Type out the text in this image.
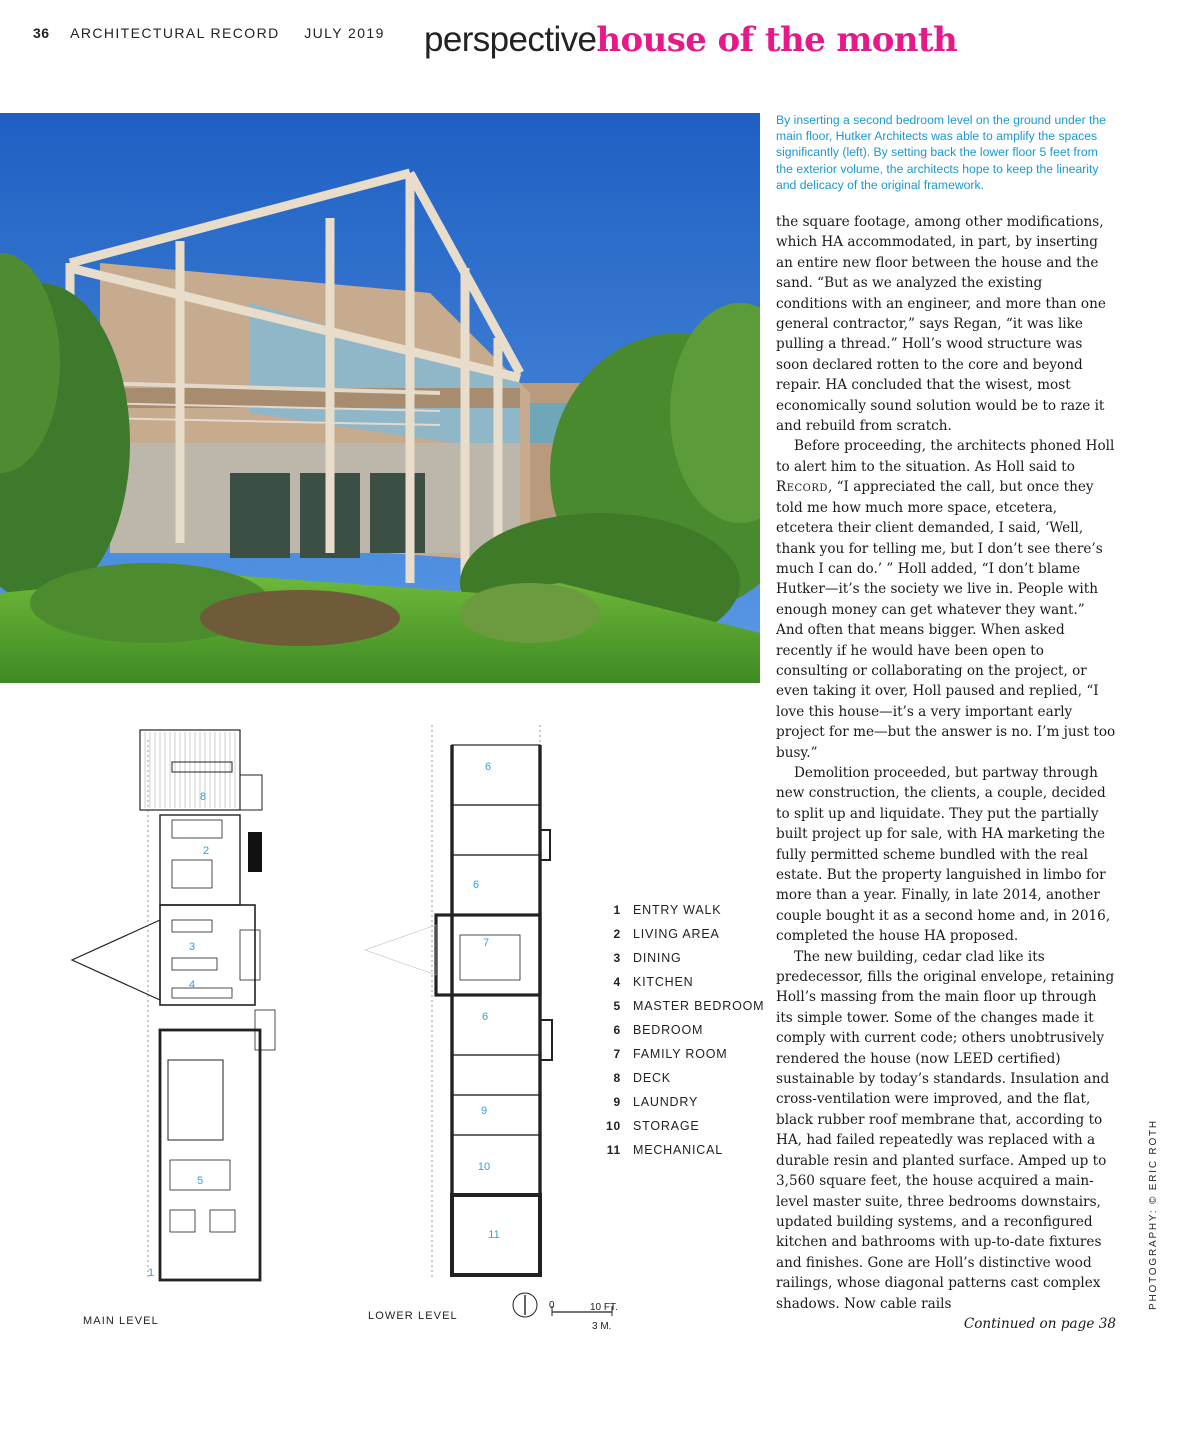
36 ARCHITECTURAL RECORD JULY 2019 perspectivehouse of the month
By inserting a second bedroom level on the ground under the main floor, Hutker Architects was able to amplify the spaces significantly (left). By setting back the lower floor 5 feet from the exterior volume, the architects hope to keep the linearity and delicacy of the original framework.

the square footage, among other modifications, which HA accommodated, in part, by inserting an entire new floor between the house and the sand. “But as we analyzed the existing conditions with an engineer, and more than one general contractor,” says Regan, “it was like pulling a thread.” Holl’s wood structure was soon declared rotten to the core and beyond repair. HA concluded that the wisest, most economically sound solution would be to raze it and rebuild from scratch.

Before proceeding, the architects phoned Holl to alert him to the situation. As Holl said to Record, “I appreciated the call, but once they told me how much more space, etcetera, etcetera their client demanded, I said, ‘Well, thank you for telling me, but I don’t see there’s much I can do.’ ” Holl added, “I don’t blame Hutker—it’s the society we live in. People with enough money can get whatever they want.” And often that means bigger. When asked recently if he would have been open to consulting or collaborating on the project, or even taking it over, Holl paused and replied, “I love this house—it’s a very important early project for me—but the answer is no. I’m just too busy.”

Demolition proceeded, but partway through new construction, the clients, a couple, decided to split up and liquidate. They put the partially built project up for sale, with HA marketing the fully permitted scheme bundled with the real estate. But the property languished in limbo for more than a year. Finally, in late 2014, another couple bought it as a second home and, in 2016, completed the house HA proposed.

The new building, cedar clad like its predecessor, fills the original envelope, retaining Holl’s massing from the main floor up through its simple tower. Some of the changes made it comply with current code; others unobtrusively rendered the house (now LEED certified) sustainable by today’s standards. Insulation and cross-ventilation were improved, and the flat, black rubber roof membrane that, according to HA, had failed repeatedly was replaced with a durable resin and planted surface. Amped up to 3,560 square feet, the house acquired a main-level master suite, three bedrooms downstairs, updated building systems, and a reconfigured kitchen and bathrooms with up-to-date fixtures and finishes. Gone are Holl’s distinctive wood railings, whose diagonal patterns cast complex shadows. Now cable rails

Continued on page 38
PHOTOGRAPHY: © ERIC ROTH
8
2
3
4
5
1
6
6
7
6
9
10
11
0	10 FT.
3 M.
MAIN LEVEL	LOWER LEVEL
1 ENTRY WALK
2 LIVING AREA
3 DINING
4 KITCHEN
5 MASTER BEDROOM
6 BEDROOM
7 FAMILY ROOM
8 DECK
9 LAUNDRY
10 STORAGE
11 MECHANICAL
